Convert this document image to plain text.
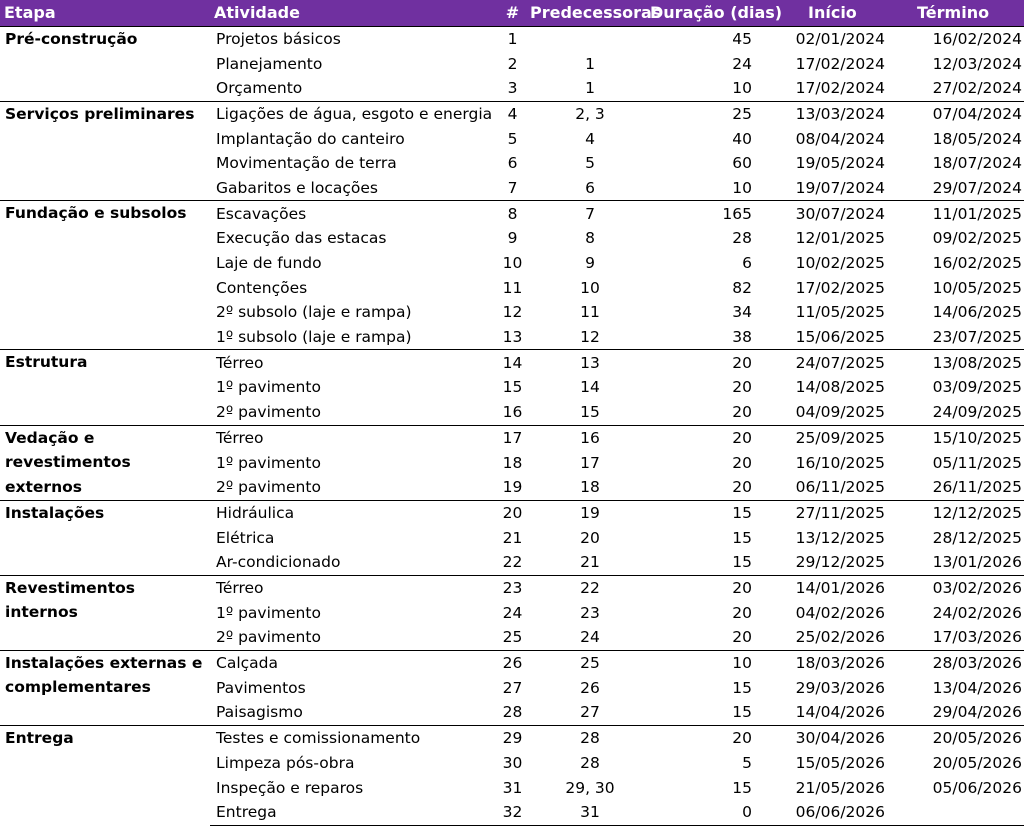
Etapa	Atividade	#	Predecessoras	Duração (dias)	Início	Término
Pré-construção	Projetos básicos	1		45	02/01/2024	16/02/2024
	Planejamento	2	1	24	17/02/2024	12/03/2024
	Orçamento	3	1	10	17/02/2024	27/02/2024
Serviços preliminares	Ligações de água, esgoto e energia	4	2, 3	25	13/03/2024	07/04/2024
	Implantação do canteiro	5	4	40	08/04/2024	18/05/2024
	Movimentação de terra	6	5	60	19/05/2024	18/07/2024
	Gabaritos e locações	7	6	10	19/07/2024	29/07/2024
Fundação e subsolos	Escavações	8	7	165	30/07/2024	11/01/2025
	Execução das estacas	9	8	28	12/01/2025	09/02/2025
	Laje de fundo	10	9	6	10/02/2025	16/02/2025
	Contenções	11	10	82	17/02/2025	10/05/2025
	2º subsolo (laje e rampa)	12	11	34	11/05/2025	14/06/2025
	1º subsolo (laje e rampa)	13	12	38	15/06/2025	23/07/2025
Estrutura	Térreo	14	13	20	24/07/2025	13/08/2025
	1º pavimento	15	14	20	14/08/2025	03/09/2025
	2º pavimento	16	15	20	04/09/2025	24/09/2025
Vedação e revestimentos externos	Térreo	17	16	20	25/09/2025	15/10/2025
	1º pavimento	18	17	20	16/10/2025	05/11/2025
	2º pavimento	19	18	20	06/11/2025	26/11/2025
Instalações	Hidráulica	20	19	15	27/11/2025	12/12/2025
	Elétrica	21	20	15	13/12/2025	28/12/2025
	Ar-condicionado	22	21	15	29/12/2025	13/01/2026
Revestimentos internos	Térreo	23	22	20	14/01/2026	03/02/2026
	1º pavimento	24	23	20	04/02/2026	24/02/2026
	2º pavimento	25	24	20	25/02/2026	17/03/2026
Instalações externas e complementares	Calçada	26	25	10	18/03/2026	28/03/2026
	Pavimentos	27	26	15	29/03/2026	13/04/2026
	Paisagismo	28	27	15	14/04/2026	29/04/2026
Entrega	Testes e comissionamento	29	28	20	30/04/2026	20/05/2026
	Limpeza pós-obra	30	28	5	15/05/2026	20/05/2026
	Inspeção e reparos	31	29, 30	15	21/05/2026	05/06/2026
	Entrega	32	31	0	06/06/2026	
